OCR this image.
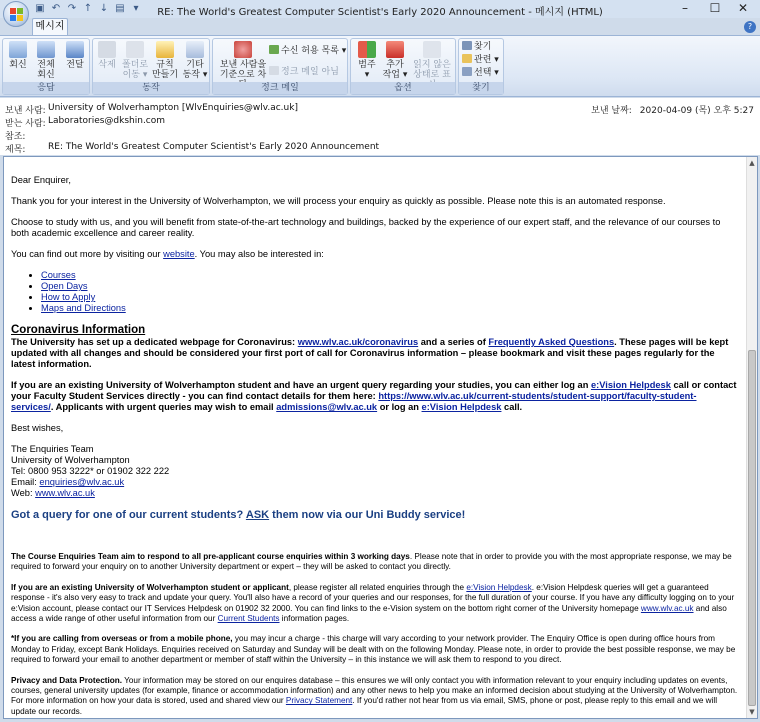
▣ ↶ ↷ ↑ ↓ ▤ ▾	RE: The World's Greatest Computer Scientist's Early 2020 Announcement - 메시지 (HTML)	–	☐	✕
메시지	?
회신	전체
회신
전달
응답
삭제 폴더로
이동 ▾
규칙
만들기
기타
동작 ▾
동작
보낸 사람을
기준으로 차
수신 허용 목록 ▾
정크 메일 아님
정크 메일
범주
▾
추가
작업 ▾
읽지 않은
상태로 표
옵션
찾기
관련 ▾
선택 ▾
찾기
보낸 사람: University of Wolverhampton [WlvEnquiries@wlv.ac.uk]
받는 사람: Laboratories@dkshin.com
참조:
제목:	RE: The World's Greatest Computer Scientist's Early 2020 Announcement
보낸 날짜: 2020-04-09 (목) 오후 5:27

Dear Enquirer,

Thank you for your interest in the University of Wolverhampton, we will process your enquiry as quickly as possible. Please note this is an automated response.

Choose to study with us, and you will benefit from state-of-the-art technology and buildings, backed by the experience of our expert staff, and the relevance of our courses to both academic excellence and career reality.

You can find out more by visiting our website. You may also be interested in:

• Courses
• Open Days
• How to Apply
• Maps and Directions
Coronavirus Information

The University has set up a dedicated webpage for Coronavirus: www.wlv.ac.uk/coronavirus and a series of Frequently Asked Questions. These pages will be kept updated with all changes and should be considered your first port of call for Coronavirus information – please bookmark and visit these pages regularly for the latest information.

If you are an existing University of Wolverhampton student and have an urgent query regarding your studies, you can either log an e:Vision Helpdesk call or contact your Faculty Student Services directly - you can find contact details for them here: https://www.wlv.ac.uk/current-students/student-support/faculty-student-services/. Applicants with urgent queries may wish to email admissions@wlv.ac.uk or log an e:Vision Helpdesk call.

Best wishes,

The Enquiries Team
University of Wolverhampton
Tel: 0800 953 3222* or 01902 322 222
Email: enquiries@wlv.ac.uk
Web: www.wlv.ac.uk

Got a query for one of our current students? ASK them now via our Uni Buddy service!

The Course Enquiries Team aim to respond to all pre-applicant course enquiries within 3 working days. Please note that in order to provide you with the most appropriate response, we may be required to forward your enquiry on to another University department or expert – they will be asked to contact you directly.

If you are an existing University of Wolverhampton student or applicant, please register all related enquiries through the e:Vision Helpdesk. e:Vision Helpdesk queries will get a guaranteed response - it's also very easy to track and update your query. You'll also have a record of your queries and our responses, for the full duration of your course. If you have any difficulty logging on to your e:Vision account, please contact our IT Services Helpdesk on 01902 32 2000. You can find links to the e-Vision system on the bottom right corner of the University homepage www.wlv.ac.uk and also access a wide range of other useful information from our Current Students information pages.

*If you are calling from overseas or from a mobile phone, you may incur a charge - this charge will vary according to your network provider. The Enquiry Office is open during office hours from Monday to Friday, except Bank Holidays. Enquiries received on Saturday and Sunday will be dealt with on the following Monday. Please note, in order to provide the best possible response, we may be required to forward your email to another department or member of staff within the University – in this instance we will ask them to respond to you direct.

Privacy and Data Protection. Your information may be stored on our enquires database – this ensures we will only contact you with information relevant to your enquiry including updates on events, courses, general university updates (for example, finance or accommodation information) and any other news to help you make an informed decision about studying at the University of Wolverhampton. For more information on how your data is stored, used and shared view our Privacy Statement. If you'd rather not hear from us via email, SMS, phone or post, please reply to this email and we will update our records.

▲
▼
